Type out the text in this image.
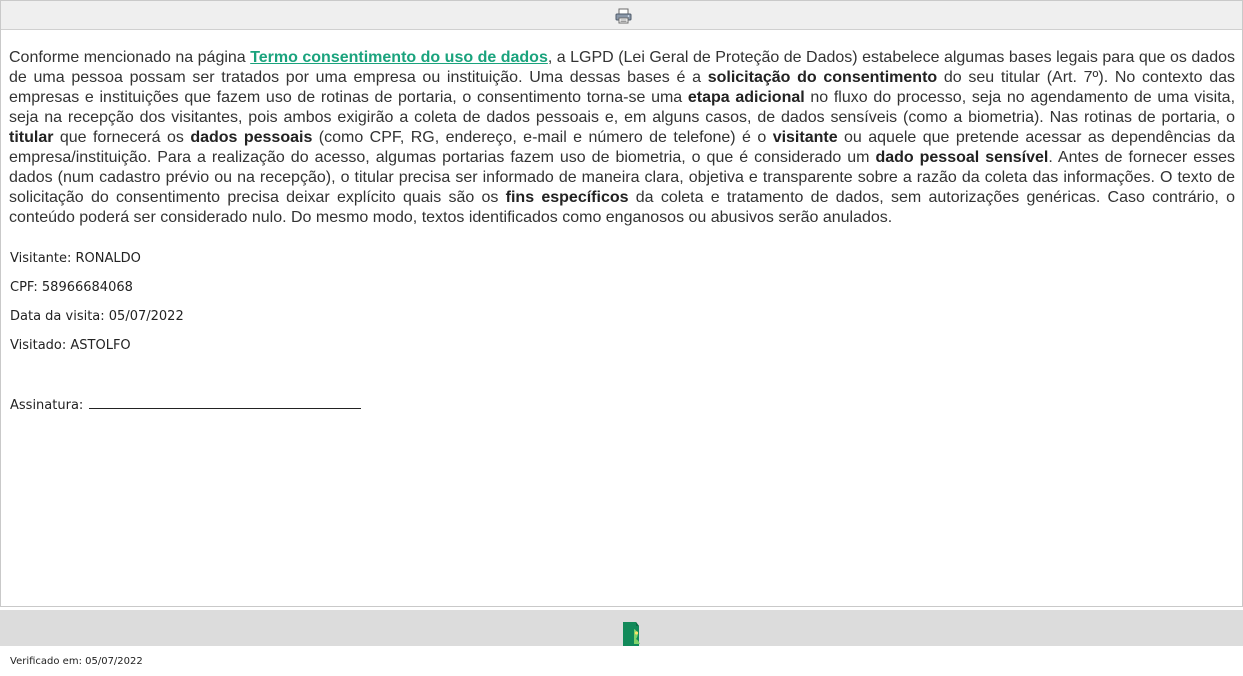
Conforme mencionado na página Termo consentimento do uso de dados, a LGPD (Lei Geral de Proteção de Dados) estabelece algumas bases legais para que os dados de uma pessoa possam ser tratados por uma empresa ou instituição. Uma dessas bases é a solicitação do consentimento do seu titular (Art. 7º). No contexto das empresas e instituições que fazem uso de rotinas de portaria, o consentimento torna-se uma etapa adicional no fluxo do processo, seja no agendamento de uma visita, seja na recepção dos visitantes, pois ambos exigirão a coleta de dados pessoais e, em alguns casos, de dados sensíveis (como a biometria). Nas rotinas de portaria, o titular que fornecerá os dados pessoais (como CPF, RG, endereço, e-mail e número de telefone) é o visitante ou aquele que pretende acessar as dependências da empresa/instituição. Para a realização do acesso, algumas portarias fazem uso de biometria, o que é considerado um dado pessoal sensível. Antes de fornecer esses dados (num cadastro prévio ou na recepção), o titular precisa ser informado de maneira clara, objetiva e transparente sobre a razão da coleta das informações. O texto de solicitação do consentimento precisa deixar explícito quais são os fins específicos da coleta e tratamento de dados, sem autorizações genéricas. Caso contrário, o conteúdo poderá ser considerado nulo. Do mesmo modo, textos identificados como enganosos ou abusivos serão anulados.

Visitante: RONALDO
CPF: 58966684068
Data da visita: 05/07/2022
Visitado: ASTOLFO
Assinatura:
Verificado em: 05/07/2022
